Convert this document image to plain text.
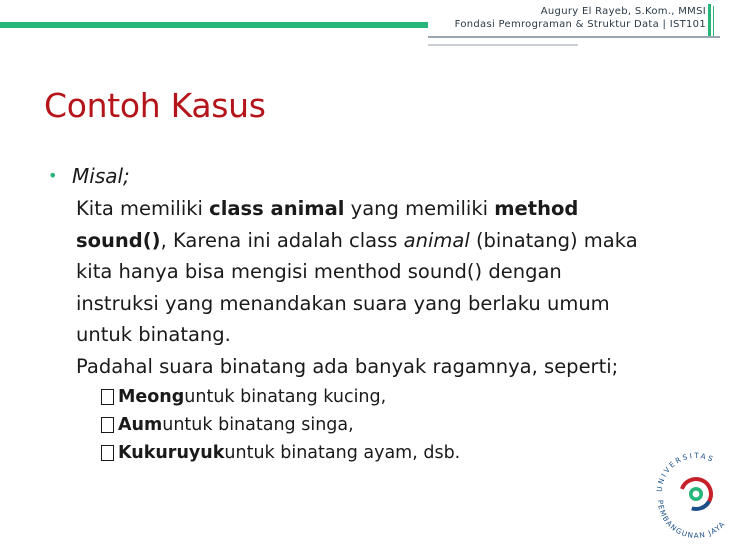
Augury El Rayeb, S.Kom., MMSI
Fondasi Pemrograman & Struktur Data | IST101
Contoh Kasus
• Misal;
Kita memiliki class animal yang memiliki method
sound(), Karena ini adalah class animal (binatang) maka
kita hanya bisa mengisi menthod sound() dengan
instruksi yang menandakan suara yang berlaku umum
untuk binatang.
Padahal suara binatang ada banyak ragamnya, seperti;
Meong untuk binatang kucing,
Aum untuk binatang singa,
Kukuruyuk untuk binatang ayam, dsb.
UNIVERSITAS
PEMBANGUNAN JAYA
